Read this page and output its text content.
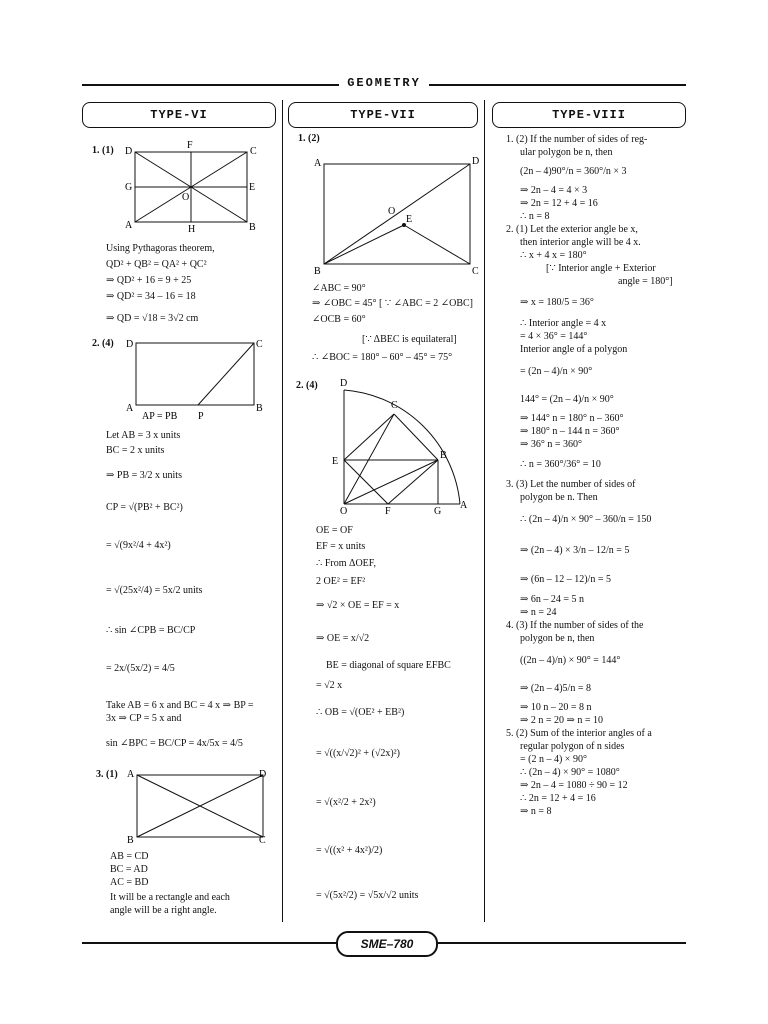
GEOMETRY
TYPE-VI	TYPE-VII	TYPE-VIII
1. (1) D
F
C
G	E
O
A	H	B
Using Pythagoras theorem,
QD² + QB² = QA² + QC²
⇒ QD² + 16 = 9 + 25
⇒ QD² = 34 – 16 = 18
⇒ QD = √18 = 3√2 cm
2. (4) D	C
A	B
P
AP = PB
Let AB = 3 x units
BC = 2 x units
⇒ PB = 3/2 x units
CP = √(PB² + BC²)
= √(9x²/4 + 4x²)
= √(25x²/4) = 5x/2 units
∴ sin ∠CPB = BC/CP
= 2x/(5x/2) = 4/5
Take AB = 6 x and BC = 4 x ⇒ BP =
3x ⇒ CP = 5 x and
sin ∠BPC = BC/CP = 4x/5x = 4/5
3. (1) A	D
B	C
AB = CD
BC = AD
AC = BD
It will be a rectangle and each
angle will be a right angle.
1. (2)
A	D
O
E
B	C
∠ABC = 90°
⇒ ∠OBC = 45° [ ∵ ∠ABC = 2 ∠OBC]
∠OCB = 60°
[∵ ΔBEC is equilateral]
∴ ∠BOC = 180° – 60° – 45° = 75°
2. (4) D
C
E
B
O	F	G
A
OE = OF
EF = x units
∴ From ΔOEF,
2 OE² = EF²
⇒ √2 × OE = EF = x
⇒ OE = x/√2
BE = diagonal of square EFBC
= √2 x
∴ OB = √(OE² + EB²)
= √((x/√2)² + (√2x)²)
= √(x²/2 + 2x²)
= √((x² + 4x²)/2)
= √(5x²/2) = √5x/√2 units
1. (2) If the number of sides of reg-
ular polygon be n, then
(2n – 4)90°/n = 360°/n × 3
⇒ 2n – 4 = 4 × 3
⇒ 2n = 12 + 4 = 16
∴ n = 8
2. (1) Let the exterior angle be x,
then interior angle will be 4 x.
∴ x + 4 x = 180°
[∵ Interior angle + Exterior
angle = 180°]
⇒ x = 180/5 = 36°
∴ Interior angle = 4 x
= 4 × 36° = 144°
Interior angle of a polygon
= (2n – 4)/n × 90°
144° = (2n – 4)/n × 90°
⇒ 144° n = 180° n – 360°
⇒ 180° n – 144 n = 360°
⇒ 36° n = 360°
∴ n = 360°/36° = 10
3. (3) Let the number of sides of
polygon be n. Then
∴ (2n – 4)/n × 90° – 360/n = 150
⇒ (2n – 4) × 3/n – 12/n = 5
⇒ (6n – 12 – 12)/n = 5
⇒ 6n – 24 = 5 n
⇒ n = 24
4. (3) If the number of sides of the
polygon be n, then
((2n – 4)/n) × 90° = 144°
⇒ (2n – 4)5/n = 8
⇒ 10 n – 20 = 8 n
⇒ 2 n = 20 ⇒ n = 10
5. (2) Sum of the interior angles of a
regular polygon of n sides
= (2 n – 4) × 90°
∴ (2n – 4) × 90° = 1080°
⇒ 2n – 4 = 1080 ÷ 90 = 12
∴ 2n = 12 + 4 = 16
⇒ n = 8
SME–780
